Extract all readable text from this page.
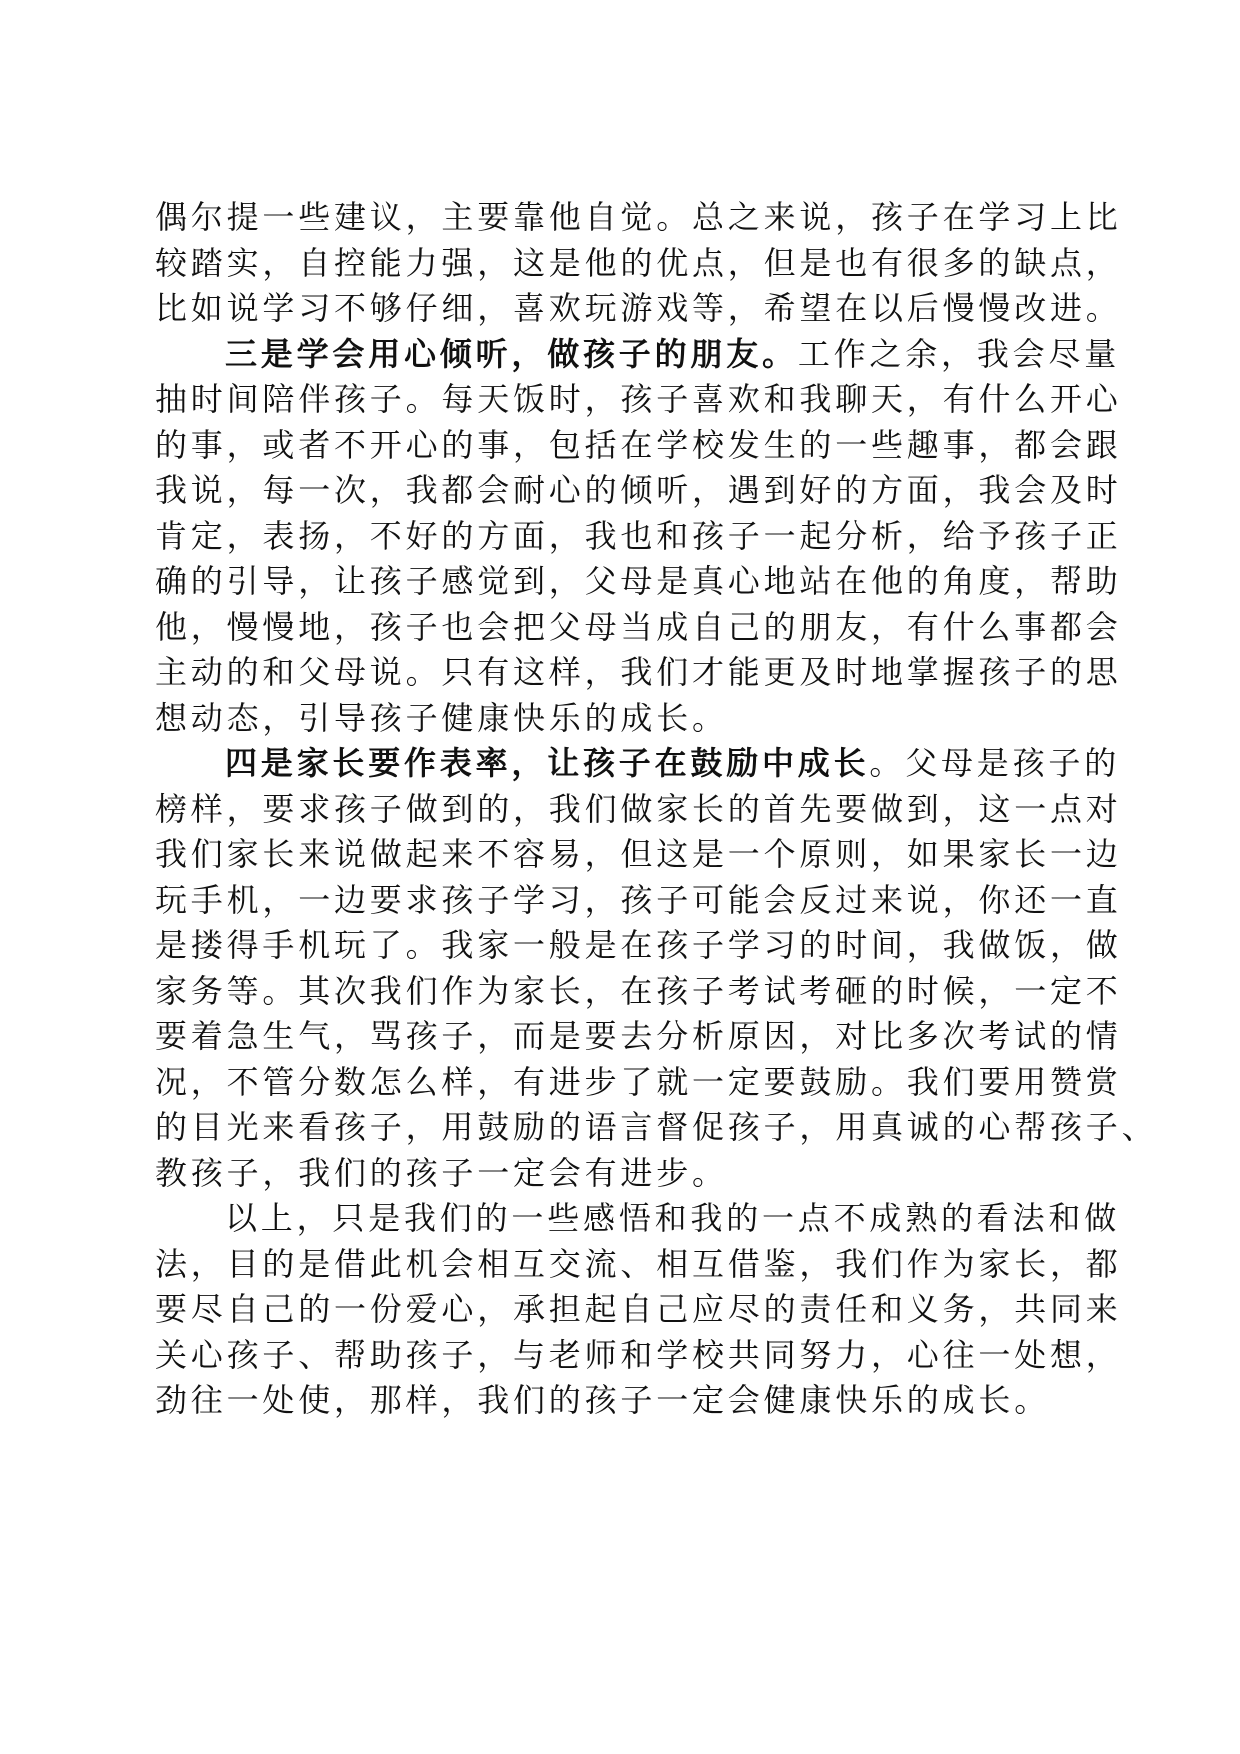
偶尔提一些建议，主要靠他自觉。总之来说，孩子在学习上比
较踏实，自控能力强，这是他的优点，但是也有很多的缺点，
比如说学习不够仔细，喜欢玩游戏等，希望在以后慢慢改进。
三是学会用心倾听，做孩子的朋友。工作之余，我会尽量
抽时间陪伴孩子。每天饭时，孩子喜欢和我聊天，有什么开心
的事，或者不开心的事，包括在学校发生的一些趣事，都会跟
我说，每一次，我都会耐心的倾听，遇到好的方面，我会及时
肯定，表扬，不好的方面，我也和孩子一起分析，给予孩子正
确的引导，让孩子感觉到，父母是真心地站在他的角度，帮助
他，慢慢地，孩子也会把父母当成自己的朋友，有什么事都会
主动的和父母说。只有这样，我们才能更及时地掌握孩子的思
想动态，引导孩子健康快乐的成长。
四是家长要作表率，让孩子在鼓励中成长。父母是孩子的
榜样，要求孩子做到的，我们做家长的首先要做到，这一点对
我们家长来说做起来不容易，但这是一个原则，如果家长一边
玩手机，一边要求孩子学习，孩子可能会反过来说，你还一直
是搂得手机玩了。我家一般是在孩子学习的时间，我做饭，做
家务等。其次我们作为家长，在孩子考试考砸的时候，一定不
要着急生气，骂孩子，而是要去分析原因，对比多次考试的情
况，不管分数怎么样，有进步了就一定要鼓励。我们要用赞赏
的目光来看孩子，用鼓励的语言督促孩子，用真诚的心帮孩子、
教孩子，我们的孩子一定会有进步。
以上，只是我们的一些感悟和我的一点不成熟的看法和做
法，目的是借此机会相互交流、相互借鉴，我们作为家长，都
要尽自己的一份爱心，承担起自己应尽的责任和义务，共同来
关心孩子、帮助孩子，与老师和学校共同努力，心往一处想，
劲往一处使，那样，我们的孩子一定会健康快乐的成长。
